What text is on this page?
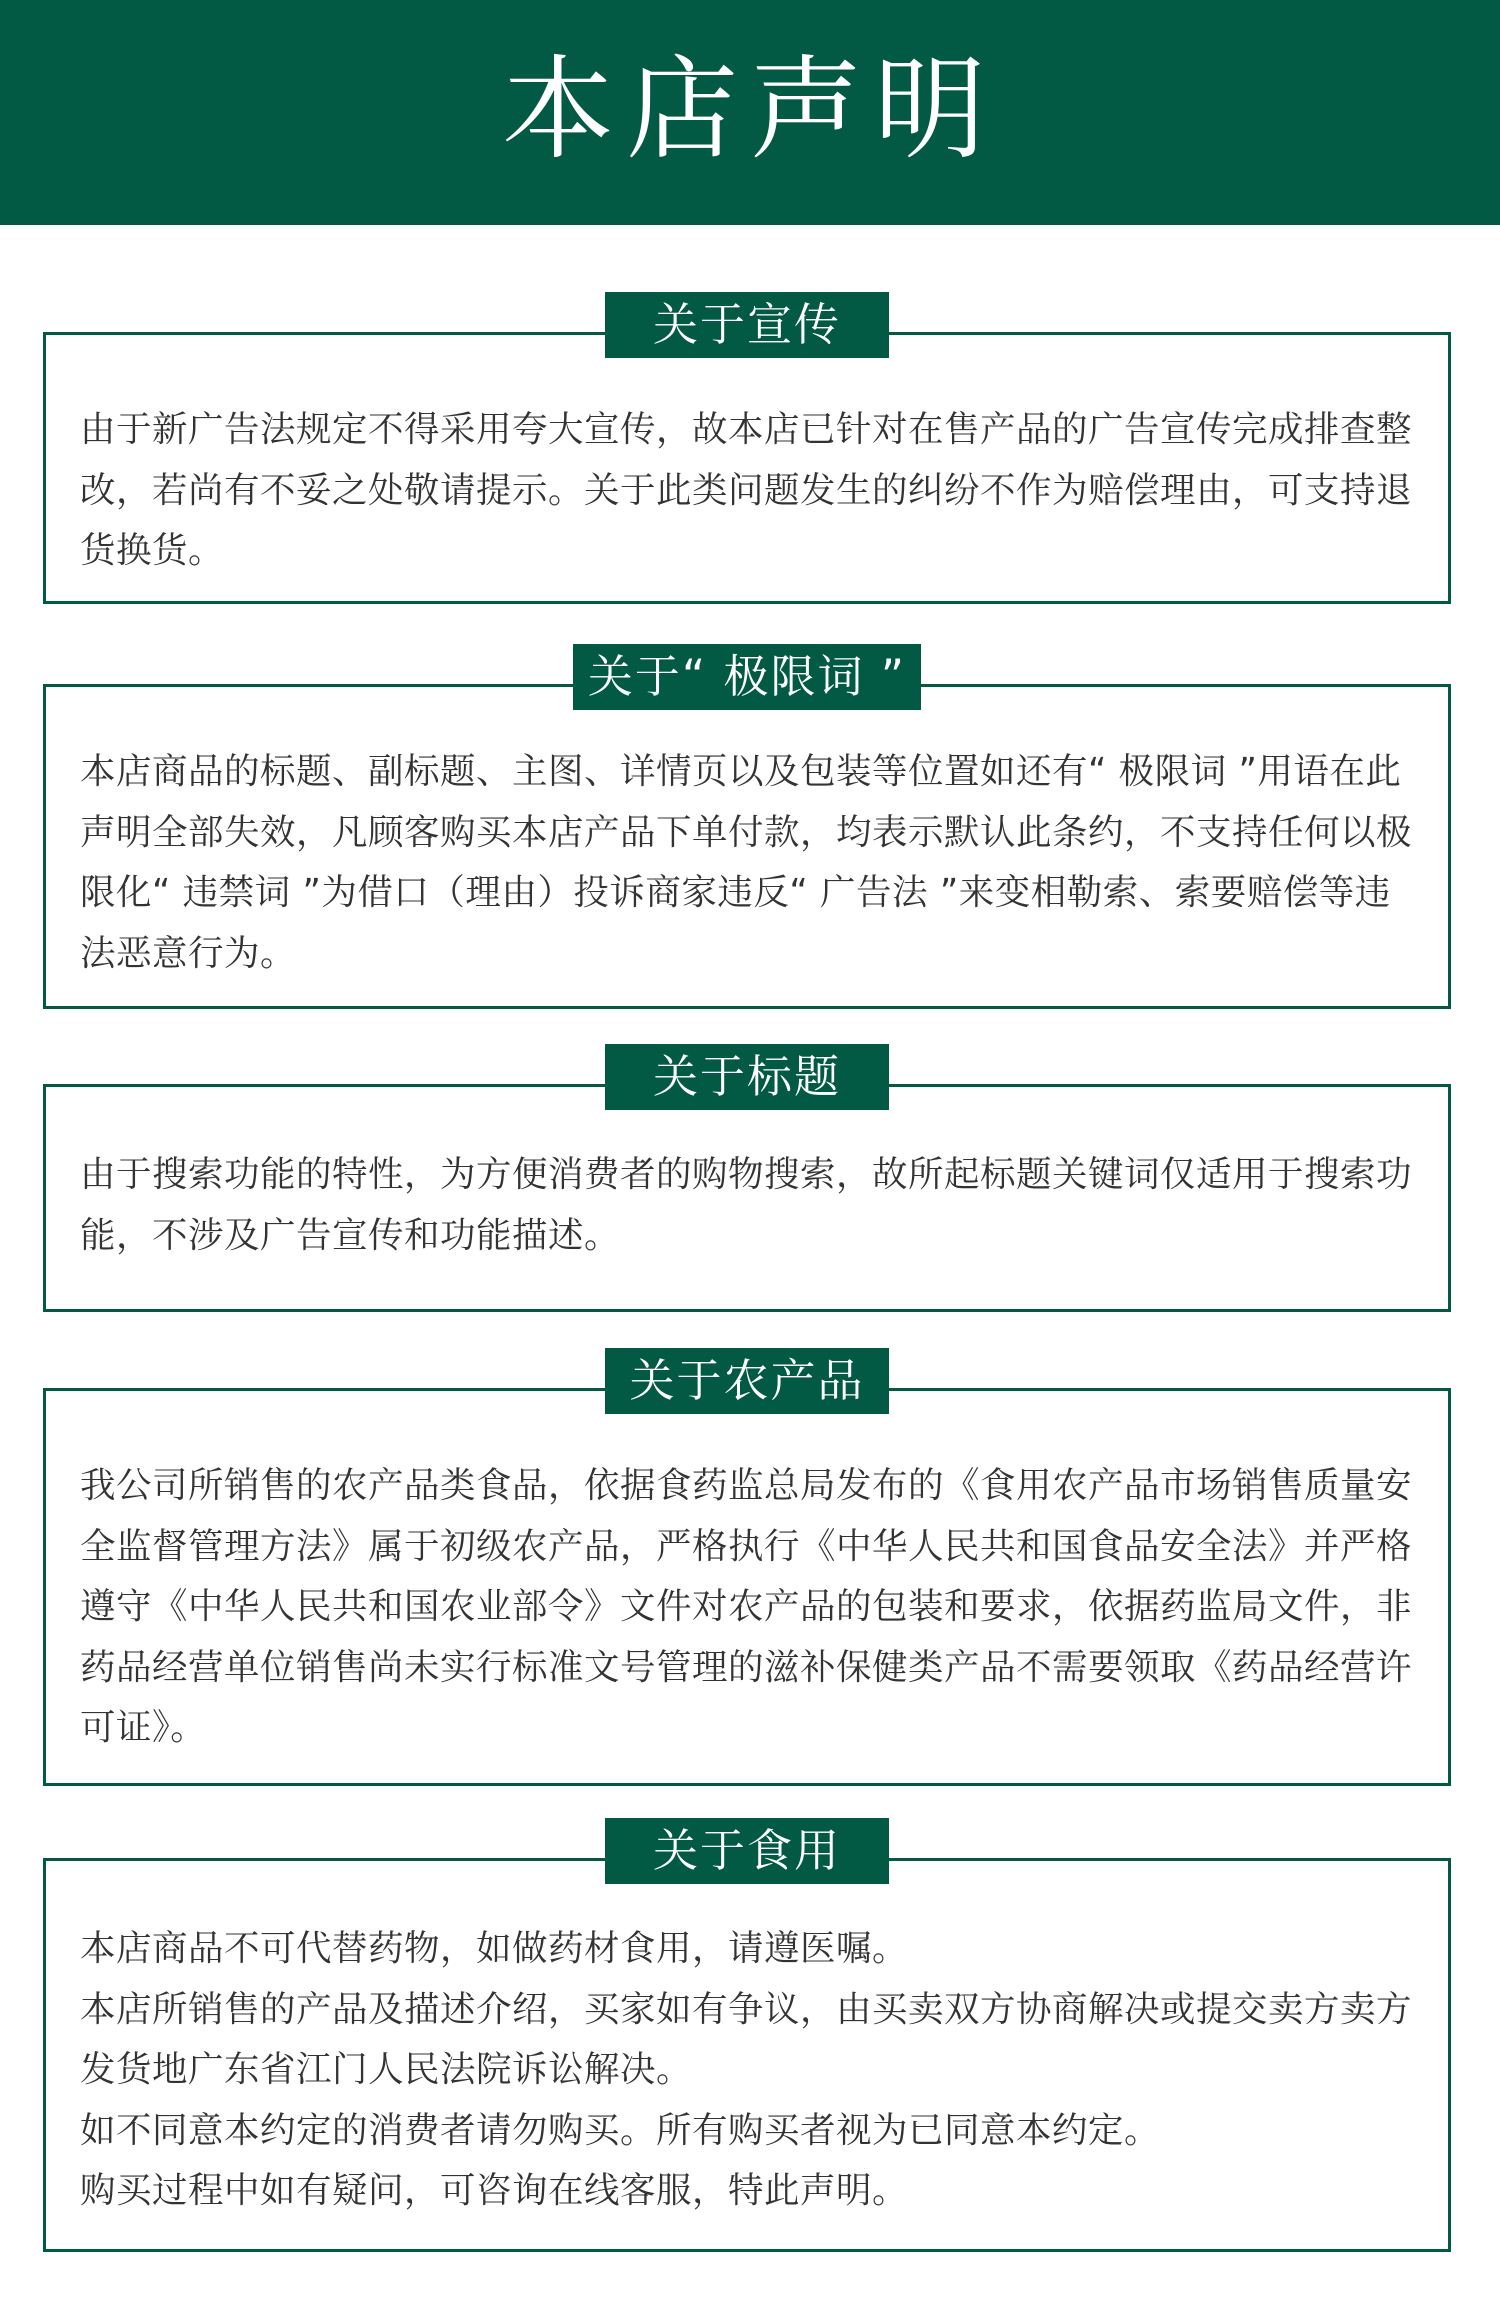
本店声明
关于宣传

由于新广告法规定不得采用夸大宣传，故本店已针对在售产品的广告宣传完成排查整改，若尚有不妥之处敬请提示。关于此类问题发生的纠纷不作为赔偿理由，可支持退货换货。

关于“ 极限词 ”

本店商品的标题、副标题、主图、详情页以及包装等位置如还有“ 极限词 ”用语在此声明全部失效，凡顾客购买本店产品下单付款，均表示默认此条约，不支持任何以极限化“ 违禁词 ”为借口（理由）投诉商家违反“ 广告法 ”来变相勒索、索要赔偿等违法恶意行为。

关于标题

由于搜索功能的特性，为方便消费者的购物搜索，故所起标题关键词仅适用于搜索功能，不涉及广告宣传和功能描述。

关于农产品

我公司所销售的农产品类食品，依据食药监总局发布的《食用农产品市场销售质量安全监督管理方法》属于初级农产品，严格执行《中华人民共和国食品安全法》并严格遵守《中华人民共和国农业部令》文件对农产品的包装和要求，依据药监局文件，非药品经营单位销售尚未实行标准文号管理的滋补保健类产品不需要领取《药品经营许可证》。

关于食用

本店商品不可代替药物，如做药材食用，请遵医嘱。

本店所销售的产品及描述介绍，买家如有争议，由买卖双方协商解决或提交卖方卖方发货地广东省江门人民法院诉讼解决。

如不同意本约定的消费者请勿购买。所有购买者视为已同意本约定。

购买过程中如有疑问，可咨询在线客服，特此声明。
